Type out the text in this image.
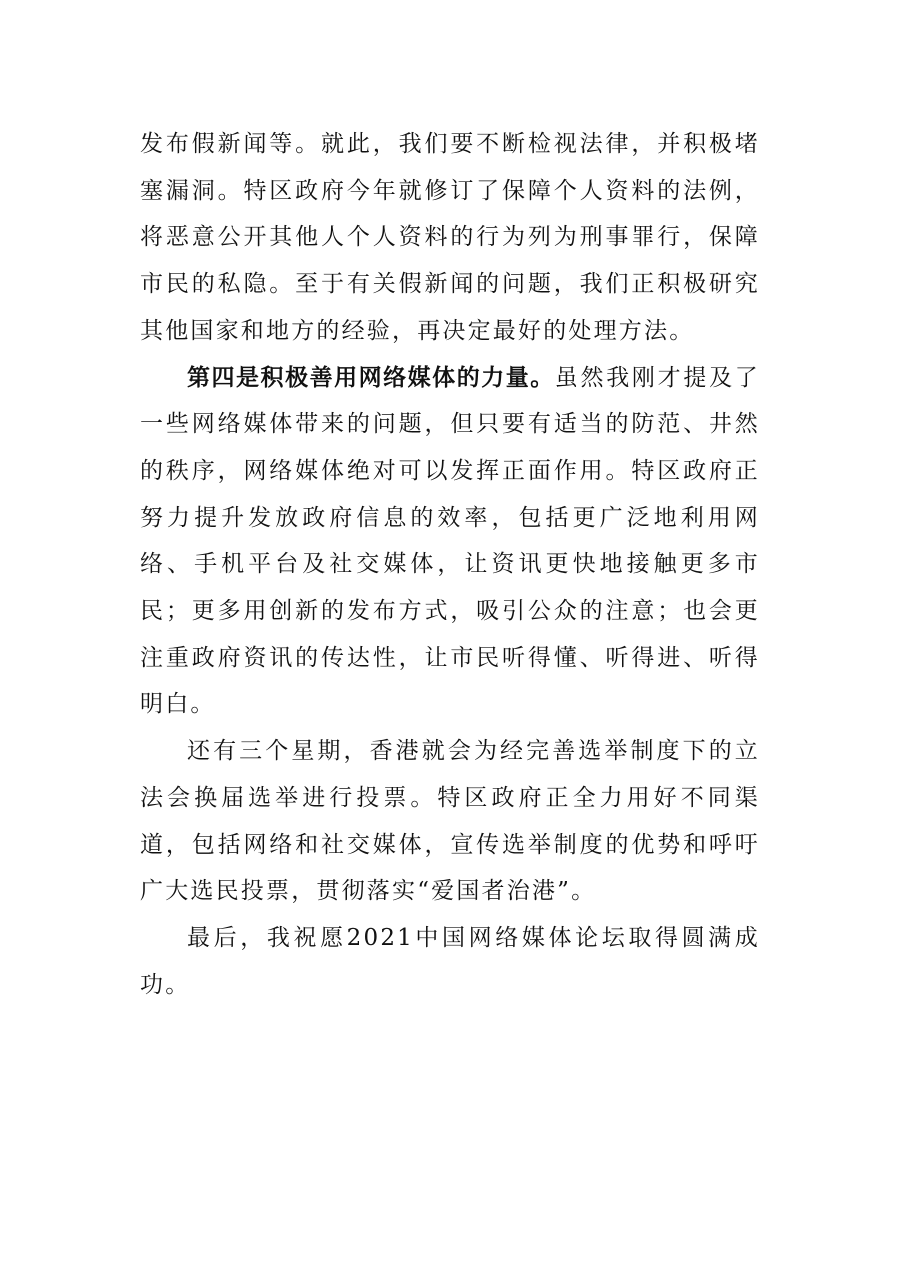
发布假新闻等。就此，我们要不断检视法律，并积极堵塞漏洞。特区政府今年就修订了保障个人资料的法例，将恶意公开其他人个人资料的行为列为刑事罪行，保障市民的私隐。至于有关假新闻的问题，我们正积极研究其他国家和地方的经验，再决定最好的处理方法。

第四是积极善用网络媒体的力量。虽然我刚才提及了一些网络媒体带来的问题，但只要有适当的防范、井然的秩序，网络媒体绝对可以发挥正面作用。特区政府正努力提升发放政府信息的效率，包括更广泛地利用网络、手机平台及社交媒体，让资讯更快地接触更多市民；更多用创新的发布方式，吸引公众的注意；也会更注重政府资讯的传达性，让市民听得懂、听得进、听得明白。

还有三个星期，香港就会为经完善选举制度下的立法会换届选举进行投票。特区政府正全力用好不同渠道，包括网络和社交媒体，宣传选举制度的优势和呼吁广大选民投票，贯彻落实“爱国者治港”。

最后，我祝愿2021中国网络媒体论坛取得圆满成功。
